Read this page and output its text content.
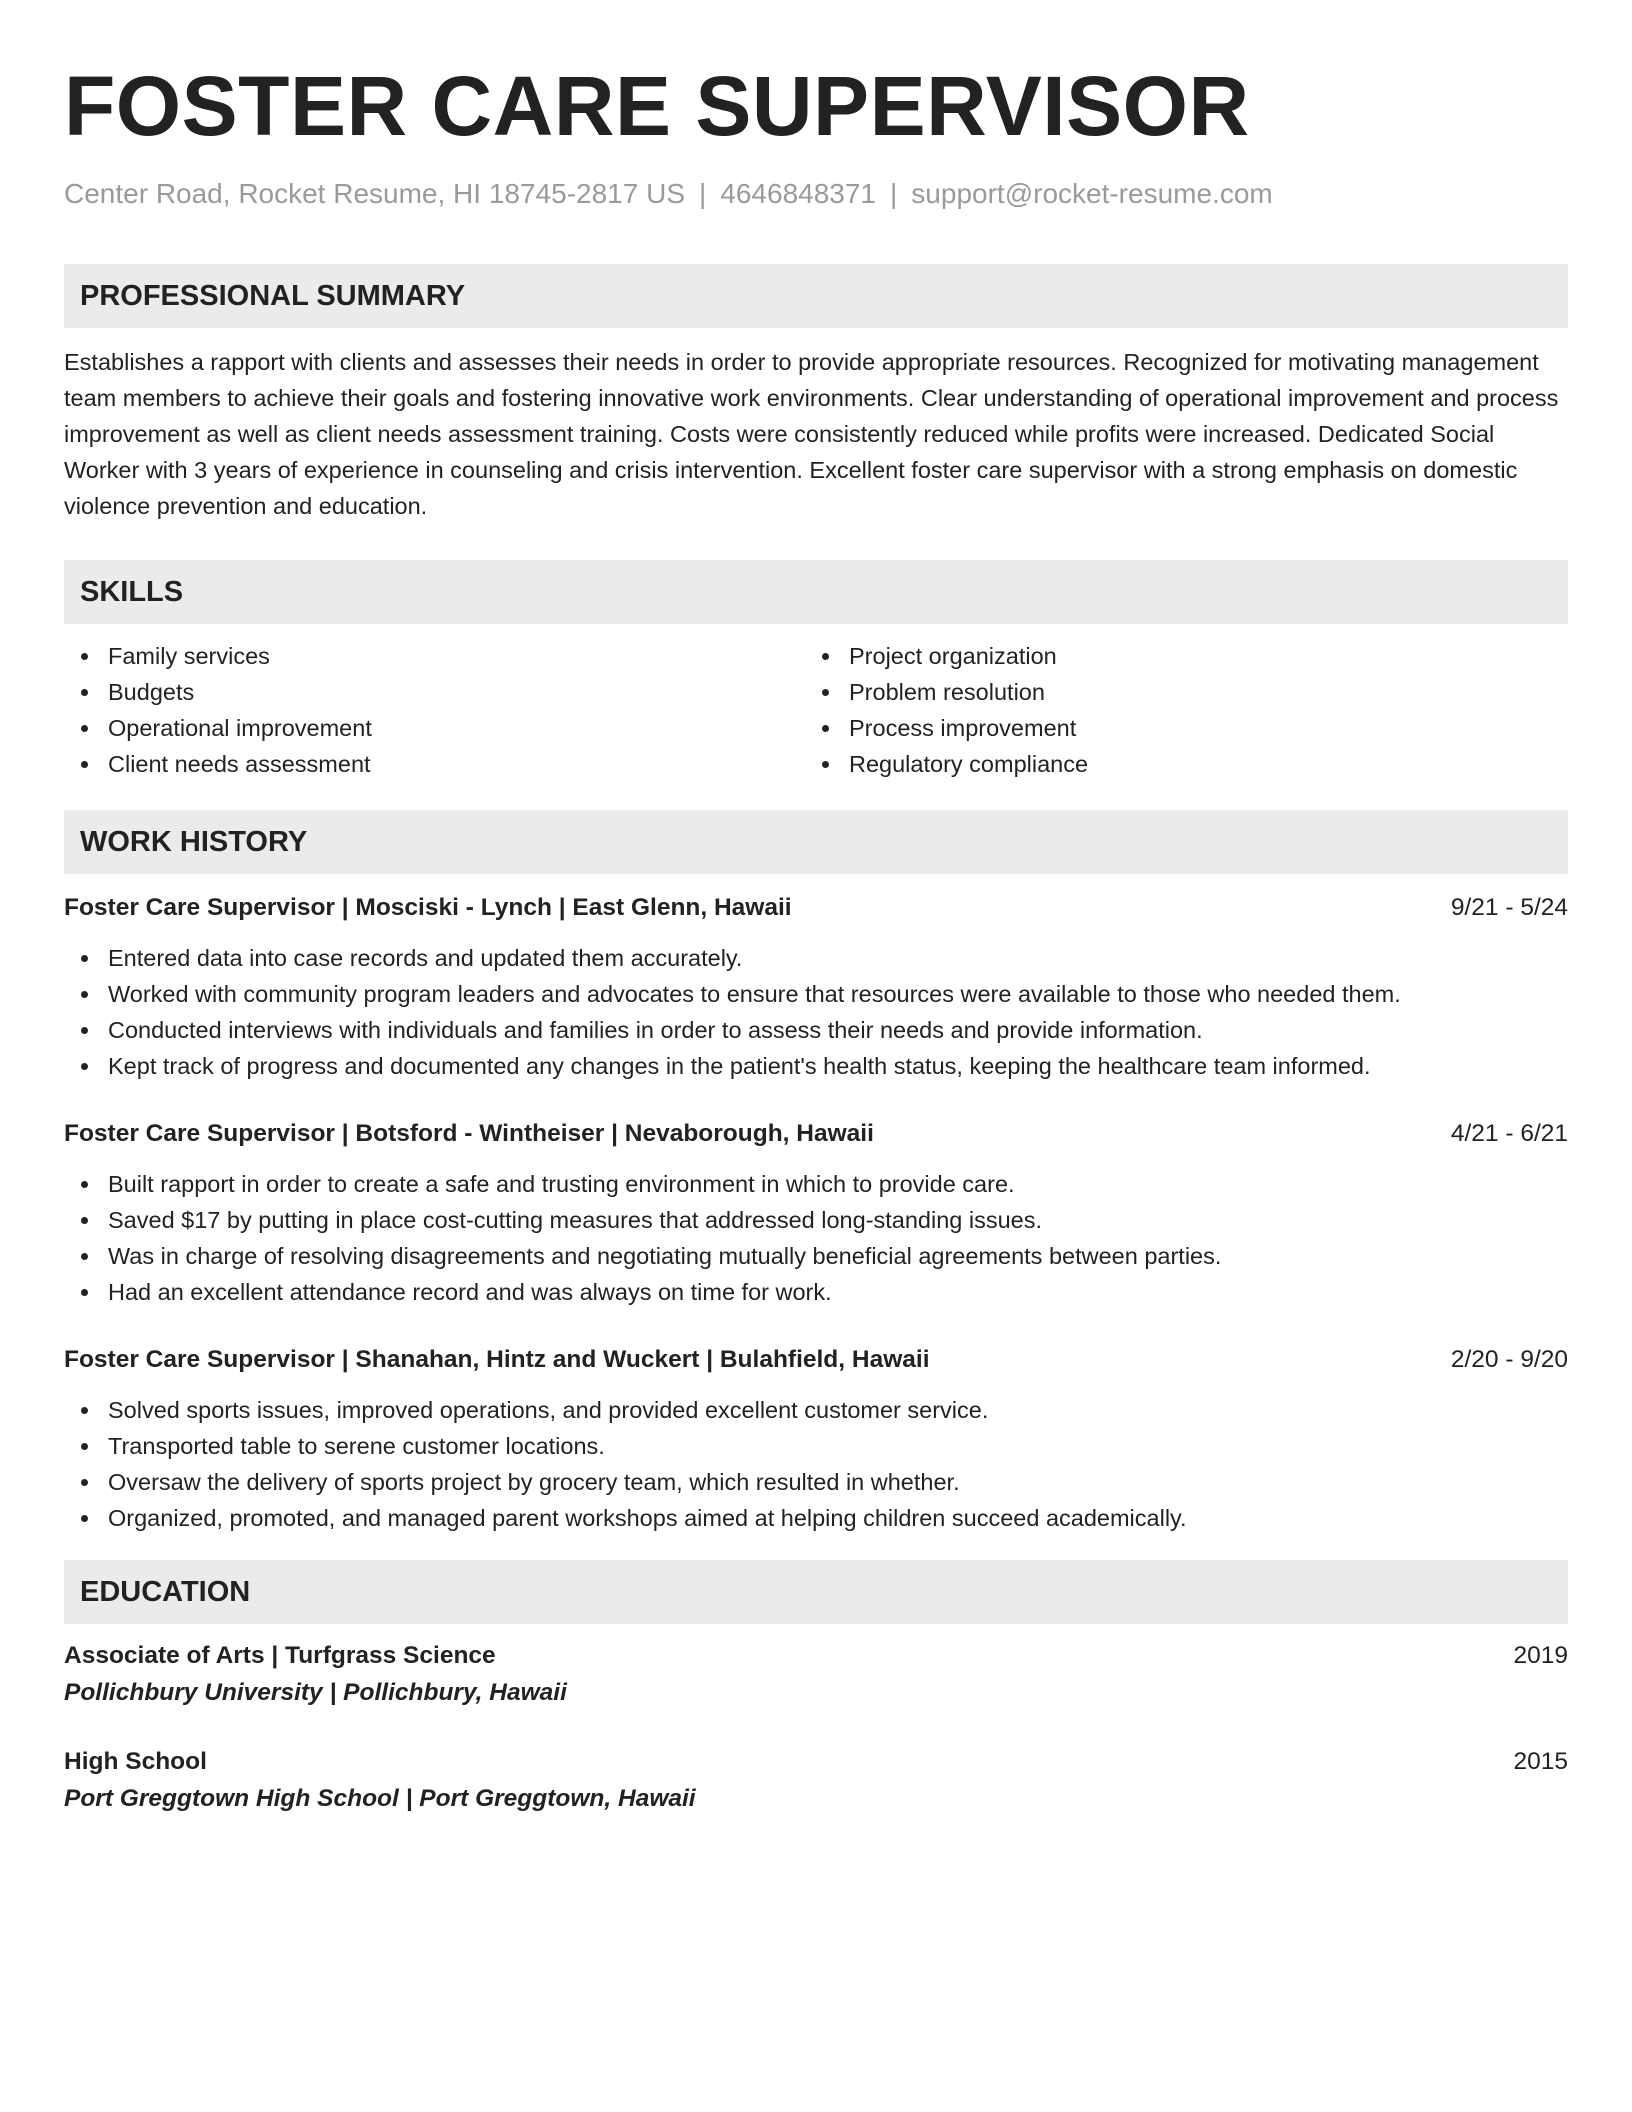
FOSTER CARE SUPERVISOR
Center Road, Rocket Resume, HI 18745-2817 US | 4646848371 | support@rocket-resume.com
PROFESSIONAL SUMMARY
Establishes a rapport with clients and assesses their needs in order to provide appropriate resources. Recognized for motivating management team members to achieve their goals and fostering innovative work environments. Clear understanding of operational improvement and process improvement as well as client needs assessment training. Costs were consistently reduced while profits were increased. Dedicated Social Worker with 3 years of experience in counseling and crisis intervention. Excellent foster care supervisor with a strong emphasis on domestic violence prevention and education.
SKILLS
Family services
Budgets
Operational improvement
Client needs assessment
Project organization
Problem resolution
Process improvement
Regulatory compliance
WORK HISTORY
Foster Care Supervisor | Mosciski - Lynch | East Glenn, Hawaii	9/21 - 5/24
Entered data into case records and updated them accurately.
Worked with community program leaders and advocates to ensure that resources were available to those who needed them.
Conducted interviews with individuals and families in order to assess their needs and provide information.
Kept track of progress and documented any changes in the patient's health status, keeping the healthcare team informed.
Foster Care Supervisor | Botsford - Wintheiser | Nevaborough, Hawaii	4/21 - 6/21
Built rapport in order to create a safe and trusting environment in which to provide care.
Saved $17 by putting in place cost-cutting measures that addressed long-standing issues.
Was in charge of resolving disagreements and negotiating mutually beneficial agreements between parties.
Had an excellent attendance record and was always on time for work.
Foster Care Supervisor | Shanahan, Hintz and Wuckert | Bulahfield, Hawaii	2/20 - 9/20
Solved sports issues, improved operations, and provided excellent customer service.
Transported table to serene customer locations.
Oversaw the delivery of sports project by grocery team, which resulted in whether.
Organized, promoted, and managed parent workshops aimed at helping children succeed academically.
EDUCATION
Associate of Arts | Turfgrass Science	2019
Pollichbury University | Pollichbury, Hawaii
High School	2015
Port Greggtown High School | Port Greggtown, Hawaii
